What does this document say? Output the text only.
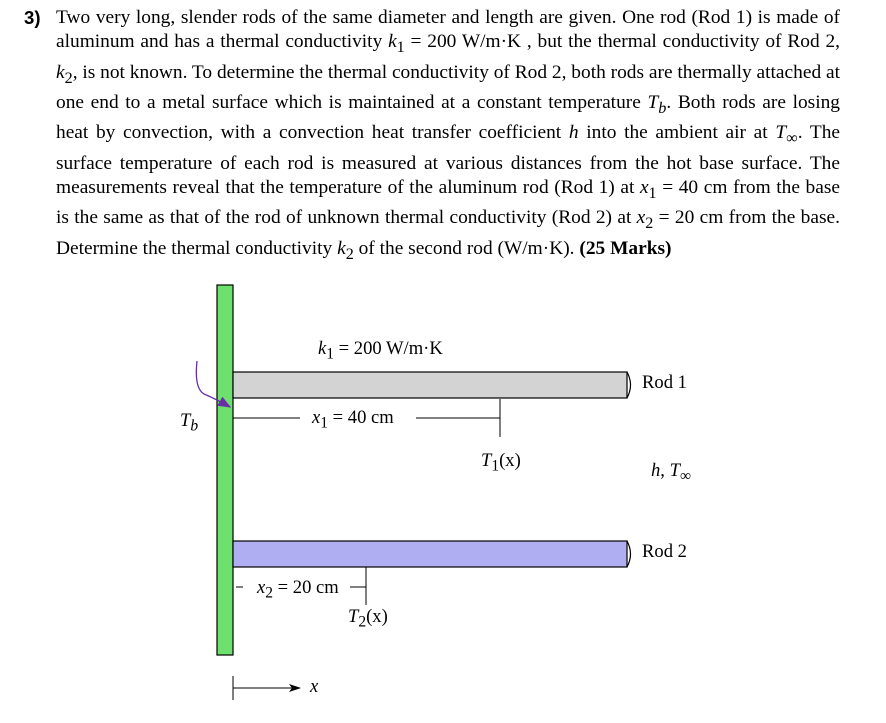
3) Two very long, slender rods of the same diameter and length are given. One rod (Rod 1) is made of aluminum and has a thermal conductivity $k_1 = 200$ W/m·K , but the thermal conductivity of Rod 2, $k_2$, is not known. To determine the thermal conductivity of Rod 2, both rods are thermally attached at one end to a metal surface which is maintained at a constant temperature $T_b$. Both rods are losing heat by convection, with a convection heat transfer coefficient h into the ambient air at $T_\infty$. The surface temperature of each rod is measured at various distances from the hot base surface. The measurements reveal that the temperature of the aluminum rod (Rod 1) at $x_1 = 40$ cm from the base is the same as that of the rod of unknown thermal conductivity (Rod 2) at $x_2 = 20$ cm from the base. Determine the thermal conductivity $k_2$ of the second rod (W/m·K). (25 Marks)
$k_1 = 200$ W/m·K
Rod 1
$T_b$	$x_1 = 40$ cm
$T_1(x)$	h, $T_\infty$
Rod 2
$x_2 = 20$ cm
$T_2(x)$
x
